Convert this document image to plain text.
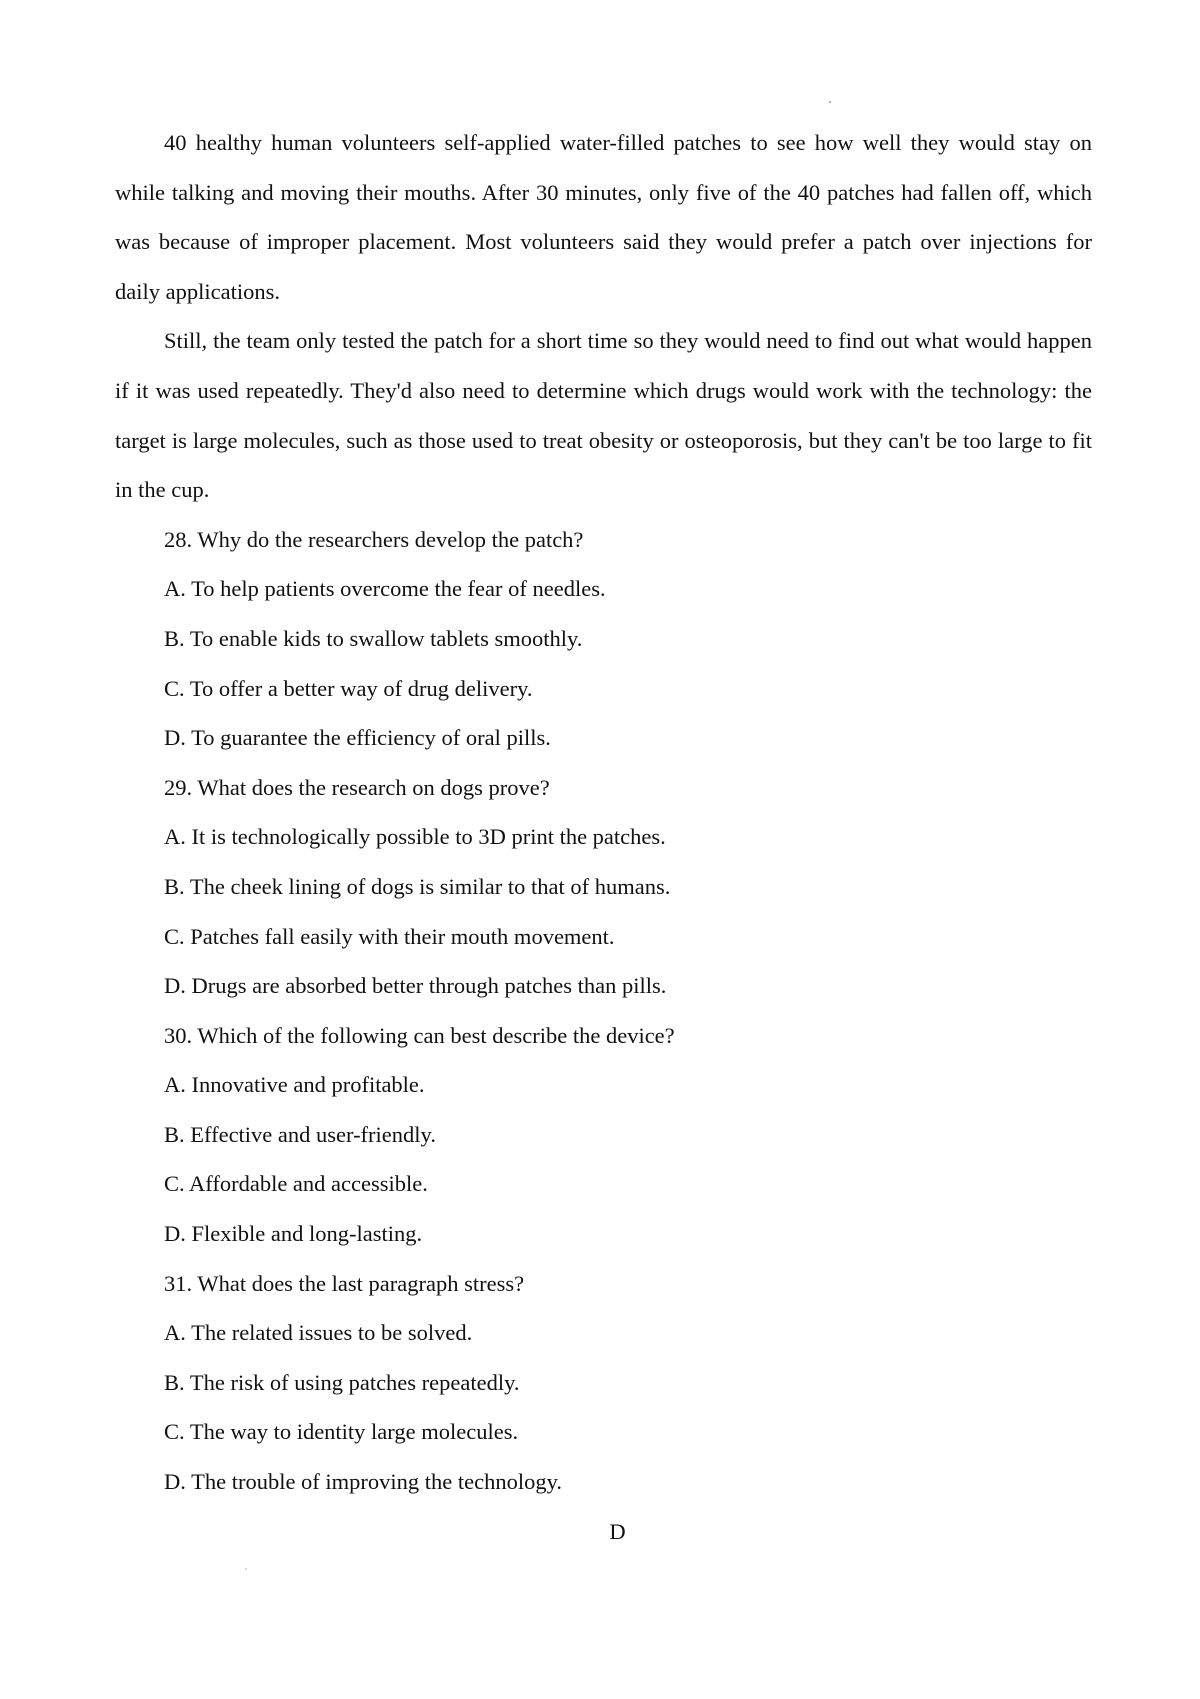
40 healthy human volunteers self-applied water-filled patches to see how well they would stay on while talking and moving their mouths. After 30 minutes, only five of the 40 patches had fallen off, which was because of improper placement. Most volunteers said they would prefer a patch over injections for daily applications.

Still, the team only tested the patch for a short time so they would need to find out what would happen if it was used repeatedly. They'd also need to determine which drugs would work with the technology: the target is large molecules, such as those used to treat obesity or osteoporosis, but they can't be too large to fit in the cup.

28. Why do the researchers develop the patch?

A. To help patients overcome the fear of needles.

B. To enable kids to swallow tablets smoothly.

C. To offer a better way of drug delivery.

D. To guarantee the efficiency of oral pills.

29. What does the research on dogs prove?

A. It is technologically possible to 3D print the patches.

B. The cheek lining of dogs is similar to that of humans.

C. Patches fall easily with their mouth movement.

D. Drugs are absorbed better through patches than pills.

30. Which of the following can best describe the device?

A. Innovative and profitable.

B. Effective and user-friendly.

C. Affordable and accessible.

D. Flexible and long-lasting.

31. What does the last paragraph stress?

A. The related issues to be solved.

B. The risk of using patches repeatedly.

C. The way to identity large molecules.

D. The trouble of improving the technology.

D
